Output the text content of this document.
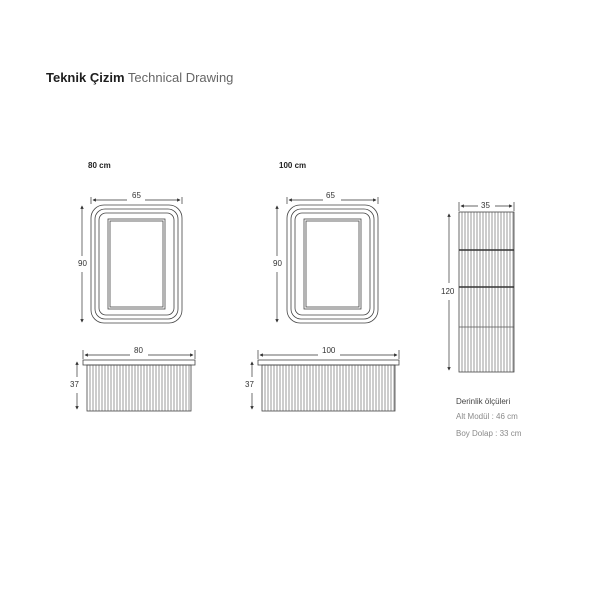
Teknik Çizim Technical Drawing
80 cm	100 cm
65
90
65
90
80
37
100
37
35
120
Derinlik ölçüleri
Alt Modül : 46 cm
Boy Dolap : 33 cm
